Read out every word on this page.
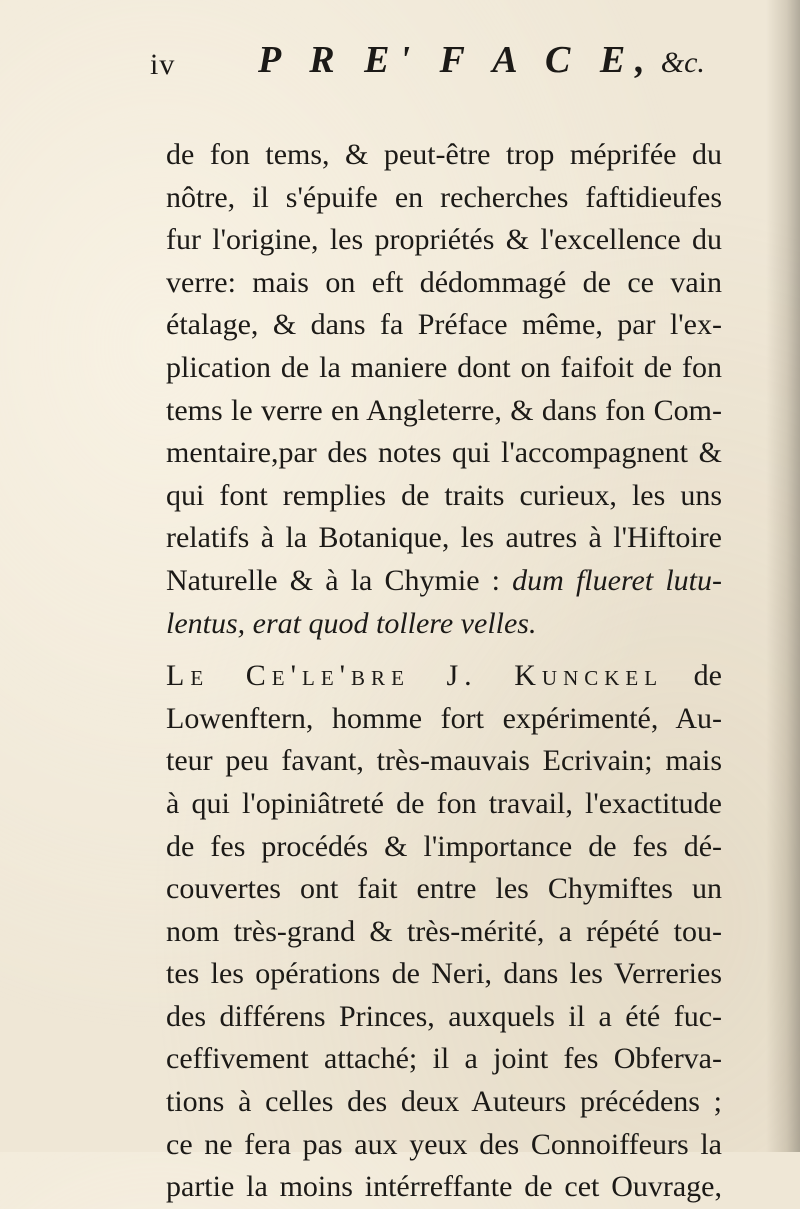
iv P R E' F A C E, &c.
de fon tems, & peut-être trop méprifée du
nôtre, il s'épuife en recherches faftidieufes
fur l'origine, les propriétés & l'excellence du
verre: mais on eft dédommagé de ce vain
étalage, & dans fa Préface même, par l'ex-
plication de la maniere dont on faifoit de fon
tems le verre en Angleterre, & dans fon Com-
mentaire,par des notes qui l'accompagnent &
qui font remplies de traits curieux, les uns
relatifs à la Botanique, les autres à l'Hiftoire
Naturelle & à la Chymie : dum flueret lutu-
lentus, erat quod tollere velles.
Le Ce'le'bre J. Kunckel de
Lowenftern, homme fort expérimenté, Au-
teur peu favant, très-mauvais Ecrivain; mais
à qui l'opiniâtreté de fon travail, l'exactitude
de fes procédés & l'importance de fes dé-
couvertes ont fait entre les Chymiftes un
nom très-grand & très-mérité, a répété tou-
tes les opérations de Neri, dans les Verreries
des différens Princes, auxquels il a été fuc-
ceffivement attaché; il a joint fes Obferva-
tions à celles des deux Auteurs précédens ;
ce ne fera pas aux yeux des Connoiffeurs la
partie la moins intérreffante de cet Ouvrage,
